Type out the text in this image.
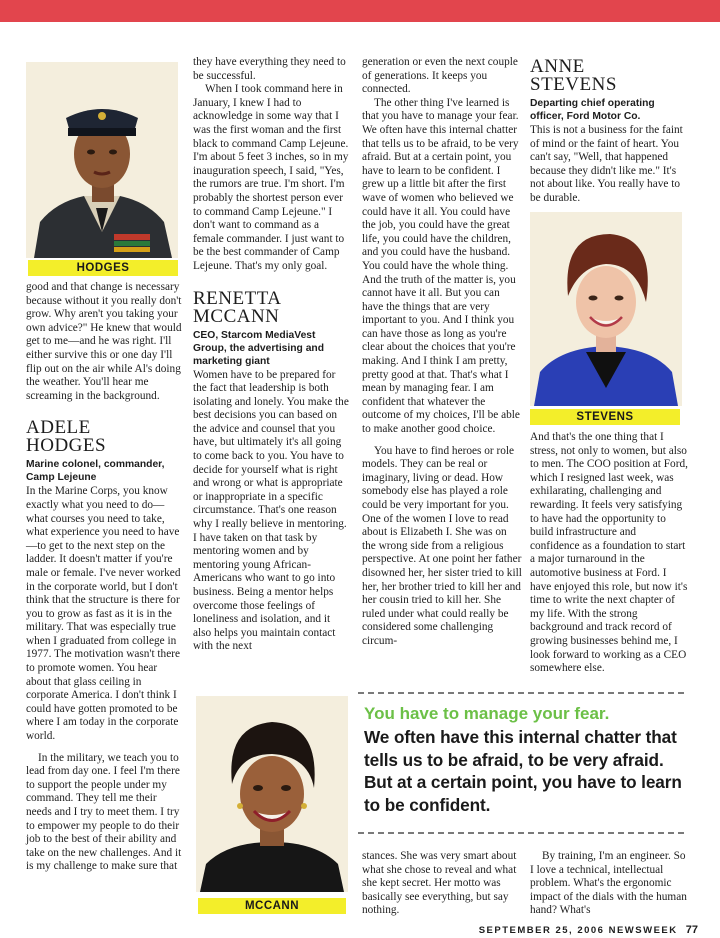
HODGES

good and that change is necessary because without it you really don't grow. Why aren't you taking your own advice?" He knew that would get to me—and he was right. I'll either survive this or one day I'll flip out on the air while Al's doing the weather. You'll hear me screaming in the background.

ADELE
HODGES
Marine colonel, commander, Camp Lejeune

In the Marine Corps, you know exactly what you need to do—what courses you need to take, what experience you need to have—to get to the next step on the ladder. It doesn't matter if you're male or female. I've never worked in the corporate world, but I don't think that the structure is there for you to grow as fast as it is in the military. That was especially true when I graduated from college in 1977. The motivation wasn't there to promote women. You hear about that glass ceiling in corporate America. I don't think I could have gotten promoted to be where I am today in the corporate world.

In the military, we teach you to lead from day one. I feel I'm there to support the people under my command. They tell me their needs and I try to meet them. I try to empower my people to do their job to the best of their ability and take on the new challenges. And it is my challenge to make sure that

they have everything they need to be successful.

When I took command here in January, I knew I had to acknowledge in some way that I was the first woman and the first black to command Camp Lejeune. I'm about 5 feet 3 inches, so in my inauguration speech, I said, "Yes, the rumors are true. I'm short. I'm probably the shortest person ever to command Camp Lejeune." I don't want to command as a female commander. I just want to be the best commander of Camp Lejeune. That's my only goal.

RENETTA
MCCANN
CEO, Starcom MediaVest Group, the advertising and marketing giant

Women have to be prepared for the fact that leadership is both isolating and lonely. You make the best decisions you can based on the advice and counsel that you have, but ultimately it's all going to come back to you. You have to decide for yourself what is right and wrong or what is appropriate or inappropriate in a specific circumstance. That's one reason why I really believe in mentoring. I have taken on that task by mentoring women and by mentoring young African-Americans who want to go into business. Being a mentor helps overcome those feelings of loneliness and isolation, and it also helps you maintain contact with the next

MCCANN

generation or even the next couple of generations. It keeps you connected.

The other thing I've learned is that you have to manage your fear. We often have this internal chatter that tells us to be afraid, to be very afraid. But at a certain point, you have to learn to be confident. I grew up a little bit after the first wave of women who believed we could have it all. You could have the job, you could have the great life, you could have the children, and you could have the husband. You could have the whole thing. And the truth of the matter is, you cannot have it all. But you can have the things that are very important to you. And I think you can have those as long as you're clear about the choices that you're making. And I think I am pretty, pretty good at that. That's what I mean by managing fear. I am confident that whatever the outcome of my choices, I'll be able to make another good choice.

You have to find heroes or role models. They can be real or imaginary, living or dead. How somebody else has played a role could be very important for you. One of the women I love to read about is Elizabeth I. She was on the wrong side from a religious perspective. At one point her father disowned her, her sister tried to kill her, her brother tried to kill her and her cousin tried to kill her. She ruled under what could really be considered some challenging circum-

stances. She was very smart about what she chose to reveal and what she kept secret. Her motto was basically see everything, but say nothing.

ANNE
STEVENS
Departing chief operating officer, Ford Motor Co.

This is not a business for the faint of mind or the faint of heart. You can't say, "Well, that happened because they didn't like me." It's not about like. You really have to be durable.

STEVENS

And that's the one thing that I stress, not only to women, but also to men. The COO position at Ford, which I resigned last week, was exhilarating, challenging and rewarding. It feels very satisfying to have had the opportunity to build infrastructure and confidence as a foundation to start a major turnaround in the automotive business at Ford. I have enjoyed this role, but now it's time to write the next chapter of my life. With the strong background and track record of growing businesses behind me, I look forward to working as a CEO somewhere else.

By training, I'm an engineer. So I love a technical, intellectual problem. What's the ergonomic impact of the dials with the human hand? What's

You have to manage your fear.
We often have this internal chatter that tells us to be afraid, to be very afraid. But at a certain point, you have to learn to be confident.
SEPTEMBER 25, 2006 NEWSWEEK 77
